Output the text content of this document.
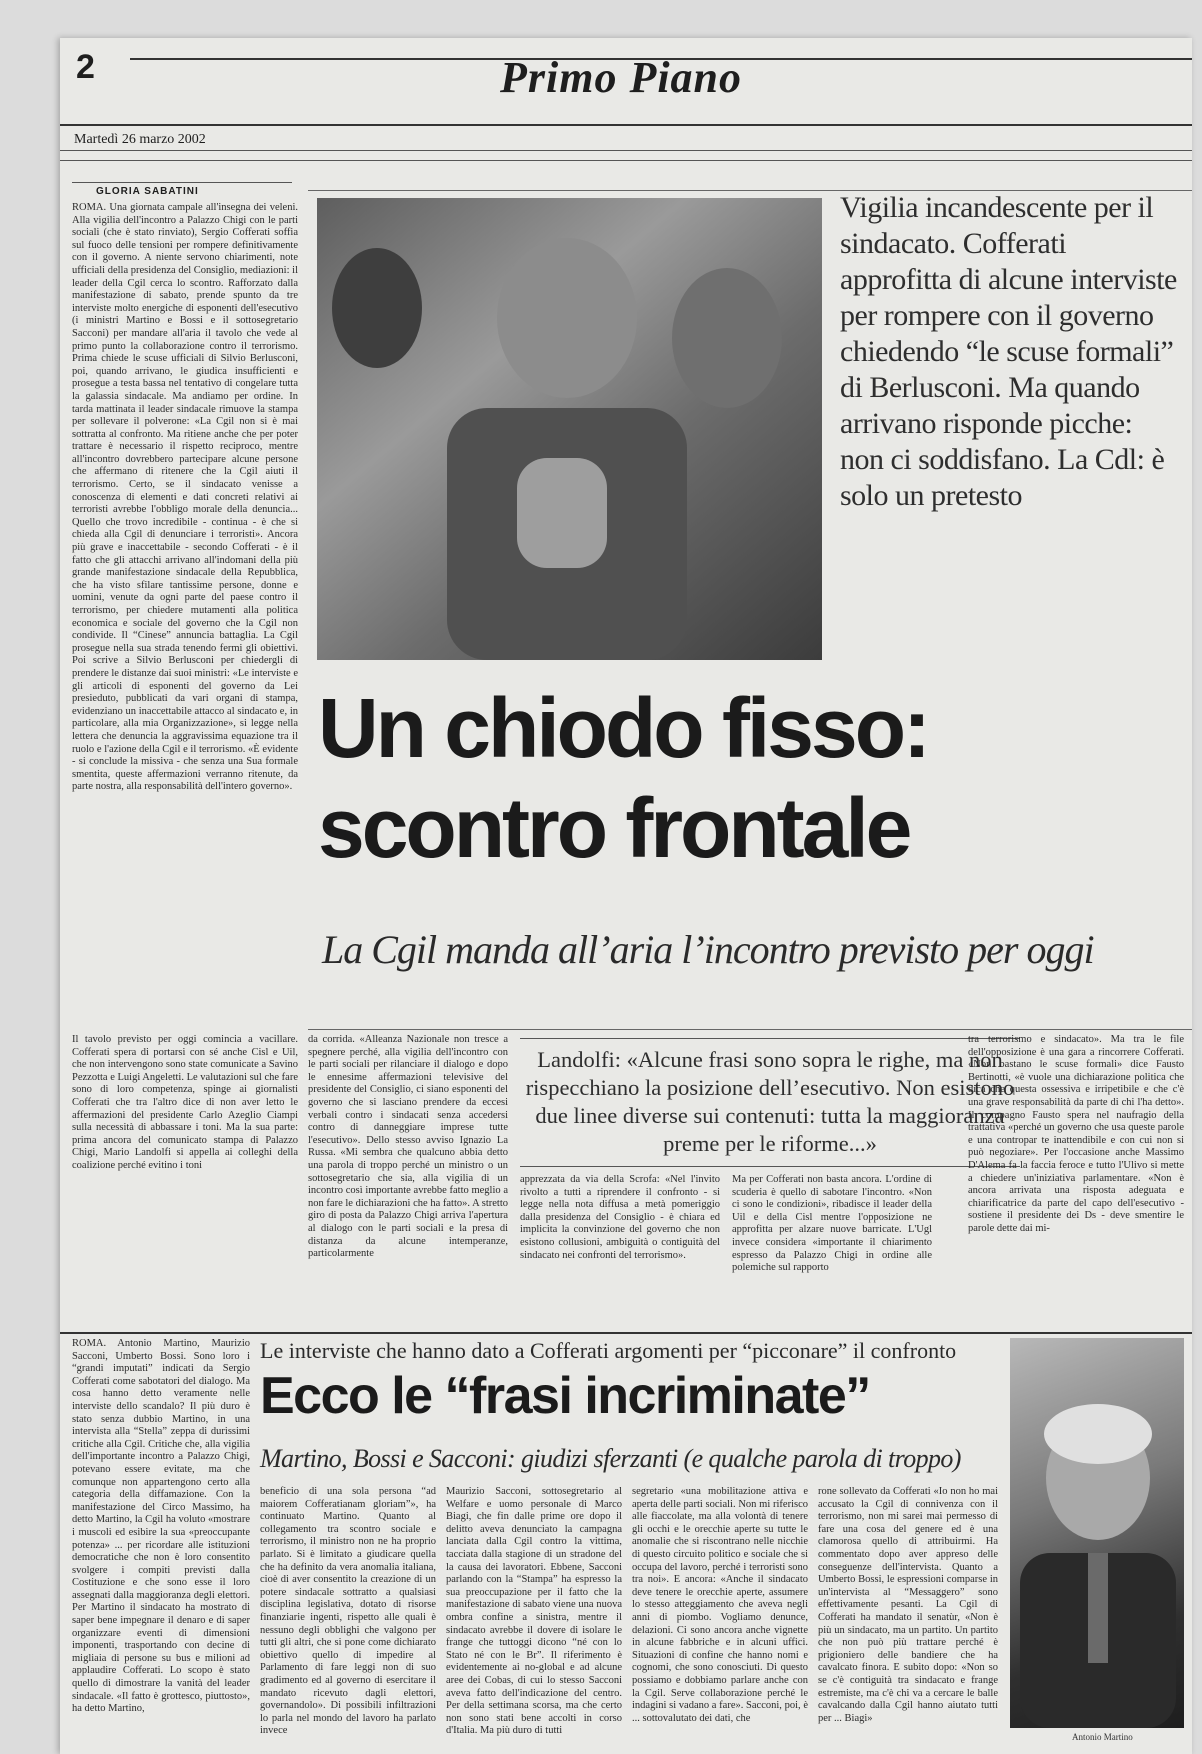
2	Primo Piano
Martedì 26 marzo 2002
GLORIA SABATINI
ROMA. Una giornata campale all'insegna dei veleni. Alla vigilia dell'incontro a Palazzo Chigi con le parti sociali (che è stato rinviato), Sergio Cofferati soffia sul fuoco delle tensioni per rompere definitivamente con il governo. A niente servono chiarimenti, note ufficiali della presidenza del Consiglio, mediazioni: il leader della Cgil cerca lo scontro. Rafforzato dalla manifestazione di sabato, prende spunto da tre interviste molto energiche di esponenti dell'esecutivo (i ministri Martino e Bossi e il sottosegretario Sacconi) per mandare all'aria il tavolo che vede al primo punto la collaborazione contro il terrorismo. Prima chiede le scuse ufficiali di Silvio Berlusconi, poi, quando arrivano, le giudica insufficienti e prosegue a testa bassa nel tentativo di congelare tutta la galassia sindacale. Ma andiamo per ordine. In tarda mattinata il leader sindacale rimuove la stampa per sollevare il polverone: «La Cgil non si è mai sottratta al confronto. Ma ritiene anche che per poter trattare è necessario il rispetto reciproco, mentre all'incontro dovrebbero partecipare alcune persone che affermano di ritenere che la Cgil aiuti il terrorismo. Certo, se il sindacato venisse a conoscenza di elementi e dati concreti relativi ai terroristi avrebbe l'obbligo morale della denuncia... Quello che trovo incredibile - continua - è che si chieda alla Cgil di denunciare i terroristi». Ancora più grave e inaccettabile - secondo Cofferati - è il fatto che gli attacchi arrivano all'indomani della più grande manifestazione sindacale della Repubblica, che ha visto sfilare tantissime persone, donne e uomini, venute da ogni parte del paese contro il terrorismo, per chiedere mutamenti alla politica economica e sociale del governo che la Cgil non condivide. Il “Cinese” annuncia battaglia. La Cgil prosegue nella sua strada tenendo fermi gli obiettivi. Poi scrive a Silvio Berlusconi per chiedergli di prendere le distanze dai suoi ministri: «Le interviste e gli articoli di esponenti del governo da Lei presieduto, pubblicati da vari organi di stampa, evidenziano un inaccettabile attacco al sindacato e, in particolare, alla mia Organizzazione», si legge nella lettera che denuncia la aggravissima equazione tra il ruolo e l'azione della Cgil e il terrorismo. «È evidente - si conclude la missiva - che senza una Sua formale smentita, queste affermazioni verranno ritenute, da parte nostra, alla responsabilità dell'intero governo».
Vigilia incandescente per il sindacato. Cofferati approfitta di alcune interviste per rompere con il governo chiedendo “le scuse formali” di Berlusconi. Ma quando arrivano risponde picche: non ci soddisfano. La Cdl: è solo un pretesto
Un chiodo fisso: scontro frontale
La Cgil manda all’aria l’incontro previsto per oggi
Il tavolo previsto per oggi comincia a vacillare. Cofferati spera di portarsi con sé anche Cisl e Uil, che non intervengono sono state comunicate a Savino Pezzotta e Luigi Angeletti. Le valutazioni sul che fare sono di loro competenza, spinge ai giornalisti Cofferati che tra l'altro dice di non aver letto le affermazioni del presidente Carlo Azeglio Ciampi sulla necessità di abbassare i toni. Ma la sua parte: prima ancora del comunicato stampa di Palazzo Chigi, Mario Landolfi si appella ai colleghi della coalizione perché evitino i toni
da corrida. «Alleanza Nazionale non tresce a spegnere perché, alla vigilia dell'incontro con le parti sociali per rilanciare il dialogo e dopo le ennesime affermazioni televisive del presidente del Consiglio, ci siano esponenti del governo che si lasciano prendere da eccesi verbali contro i sindacati senza accedersi contro di danneggiare imprese tutte l'esecutivo». Dello stesso avviso Ignazio La Russa. «Mi sembra che qualcuno abbia detto una parola di troppo perché un ministro o un sottosegretario che sia, alla vigilia di un incontro così importante avrebbe fatto meglio a non fare le dichiarazioni che ha fatto». A stretto giro di posta da Palazzo Chigi arriva l'apertura al dialogo con le parti sociali e la presa di distanza da alcune intemperanze, particolarmente
Landolfi: «Alcune frasi sono sopra le righe, ma non rispecchiano la posizione dell’esecutivo. Non esistono due linee diverse sui contenuti: tutta la maggioranza preme per le riforme...»
apprezzata da via della Scrofa: «Nel l'invito rivolto a tutti a riprendere il confronto - si legge nella nota diffusa a metà pomeriggio dalla presidenza del Consiglio - è chiara ed implicita la convinzione del governo che non esistono collusioni, ambiguità o contiguità del sindacato nei confronti del terrorismo».
Ma per Cofferati non basta ancora. L'ordine di scuderia è quello di sabotare l'incontro. «Non ci sono le condizioni», ribadisce il leader della Uil e della Cisl mentre l'opposizione ne approfitta per alzare nuove barricate. L'Ugl invece considera «importante il chiarimento espresso da Palazzo Chigi in ordine alle polemiche sul rapporto
tra terrorismo e sindacato». Ma tra le file dell'opposizione è una gara a rincorrere Cofferati. «Non bastano le scuse formali» dice Fausto Bertinotti, «è vuole una dichiarazione politica che dica che questa ossessiva e irripetibile e che c'è una grave responsabilità da parte di chi l'ha detto». Il compagno Fausto spera nel naufragio della trattativa «perché un governo che usa queste parole e una contropar te inattendibile e con cui non si può negoziare». Per l'occasione anche Massimo D'Alema fa la faccia feroce e tutto l'Ulivo si mette a chiedere un'iniziativa parlamentare. «Non è ancora arrivata una risposta adeguata e chiarificatrice da parte del capo dell'esecutivo - sostiene il presidente dei Ds - deve smentire le parole dette dai mi-
ROMA. Antonio Martino, Maurizio Sacconi, Umberto Bossi. Sono loro i “grandi imputati” indicati da Sergio Cofferati come sabotatori del dialogo. Ma cosa hanno detto veramente nelle interviste dello scandalo? Il più duro è stato senza dubbio Martino, in una intervista alla “Stella” zeppa di durissimi critiche alla Cgil. Critiche che, alla vigilia dell'importante incontro a Palazzo Chigi, potevano essere evitate, ma che comunque non appartengono certo alla categoria della diffamazione. Con la manifestazione del Circo Massimo, ha detto Martino, la Cgil ha voluto «mostrare i muscoli ed esibire la sua «preoccupante potenza» ... per ricordare alle istituzioni democratiche che non è loro consentito svolgere i compiti previsti dalla Costituzione e che sono esse il loro assegnati dalla maggioranza degli elettori. Per Martino il sindacato ha mostrato di saper bene impegnare il denaro e di saper organizzare eventi di dimensioni imponenti, trasportando con decine di migliaia di persone su bus e milioni ad applaudire Cofferati. Lo scopo è stato quello di dimostrare la vanità del leader sindacale. «Il fatto è grottesco, piuttosto», ha detto Martino,
Le interviste che hanno dato a Cofferati argomenti per “picconare” il confronto
Ecco le “frasi incriminate”
Martino, Bossi e Sacconi: giudizi sferzanti (e qualche parola di troppo)
beneficio di una sola persona “ad maiorem Cofferatianam gloriam”», ha continuato Martino. Quanto al collegamento tra scontro sociale e terrorismo, il ministro non ne ha proprio parlato. Si è limitato a giudicare quella che ha definito da vera anomalia italiana, cioè di aver consentito la creazione di un potere sindacale sottratto a qualsiasi disciplina legislativa, dotato di risorse finanziarie ingenti, rispetto alle quali è nessuno degli obblighi che valgono per tutti gli altri, che si pone come dichiarato obiettivo quello di impedire al Parlamento di fare leggi non di suo gradimento ed al governo di esercitare il mandato ricevuto dagli elettori, governandolo». Di possibili infiltrazioni lo parla nel mondo del lavoro ha parlato invece
Maurizio Sacconi, sottosegretario al Welfare e uomo personale di Marco Biagi, che fin dalle prime ore dopo il delitto aveva denunciato la campagna lanciata dalla Cgil contro la vittima, tacciata dalla stagione di un stradone del la causa dei lavoratori. Ebbene, Sacconi parlando con la “Stampa” ha espresso la sua preoccupazione per il fatto che la manifestazione di sabato viene una nuova ombra confine a sinistra, mentre il sindacato avrebbe il dovere di isolare le frange che tuttoggi dicono “né con lo Stato né con le Br”. Il riferimento è evidentemente ai no-global e ad alcune aree dei Cobas, di cui lo stesso Sacconi aveva fatto dell'indicazione del centro. Per della settimana scorsa, ma che certo non sono stati bene accolti in corso d'Italia. Ma più duro di tutti
segretario «una mobilitazione attiva e aperta delle parti sociali. Non mi riferisco alle fiaccolate, ma alla volontà di tenere gli occhi e le orecchie aperte su tutte le anomalie che si riscontrano nelle nicchie di questo circuito politico e sociale che si occupa del lavoro, perché i terroristi sono tra noi». E ancora: «Anche il sindacato deve tenere le orecchie aperte, assumere lo stesso atteggiamento che aveva negli anni di piombo. Vogliamo denunce, delazioni. Ci sono ancora anche vignette in alcune fabbriche e in alcuni uffici. Situazioni di confine che hanno nomi e cognomi, che sono conosciuti. Di questo possiamo e dobbiamo parlare anche con la Cgil. Serve collaborazione perché le indagini si vadano a fare». Sacconi, poi, è ... sottovalutato dei dati, che
rone sollevato da Cofferati «Io non ho mai accusato la Cgil di connivenza con il terrorismo, non mi sarei mai permesso di fare una cosa del genere ed è una clamorosa quello di attribuirmi. Ha commentato dopo aver appreso delle conseguenze dell'intervista. Quanto a Umberto Bossi, le espressioni comparse in un'intervista al “Messaggero” sono effettivamente pesanti. La Cgil di Cofferati ha mandato il senatùr, «Non è più un sindacato, ma un partito. Un partito che non può più trattare perché è prigioniero delle bandiere che ha cavalcato finora. E subito dopo: «Non so se c'è contiguità tra sindacato e frange estremiste, ma c'è chi va a cercare le balle cavalcando dalla Cgil hanno aiutato tutti per ... Biagi»
Antonio Martino
